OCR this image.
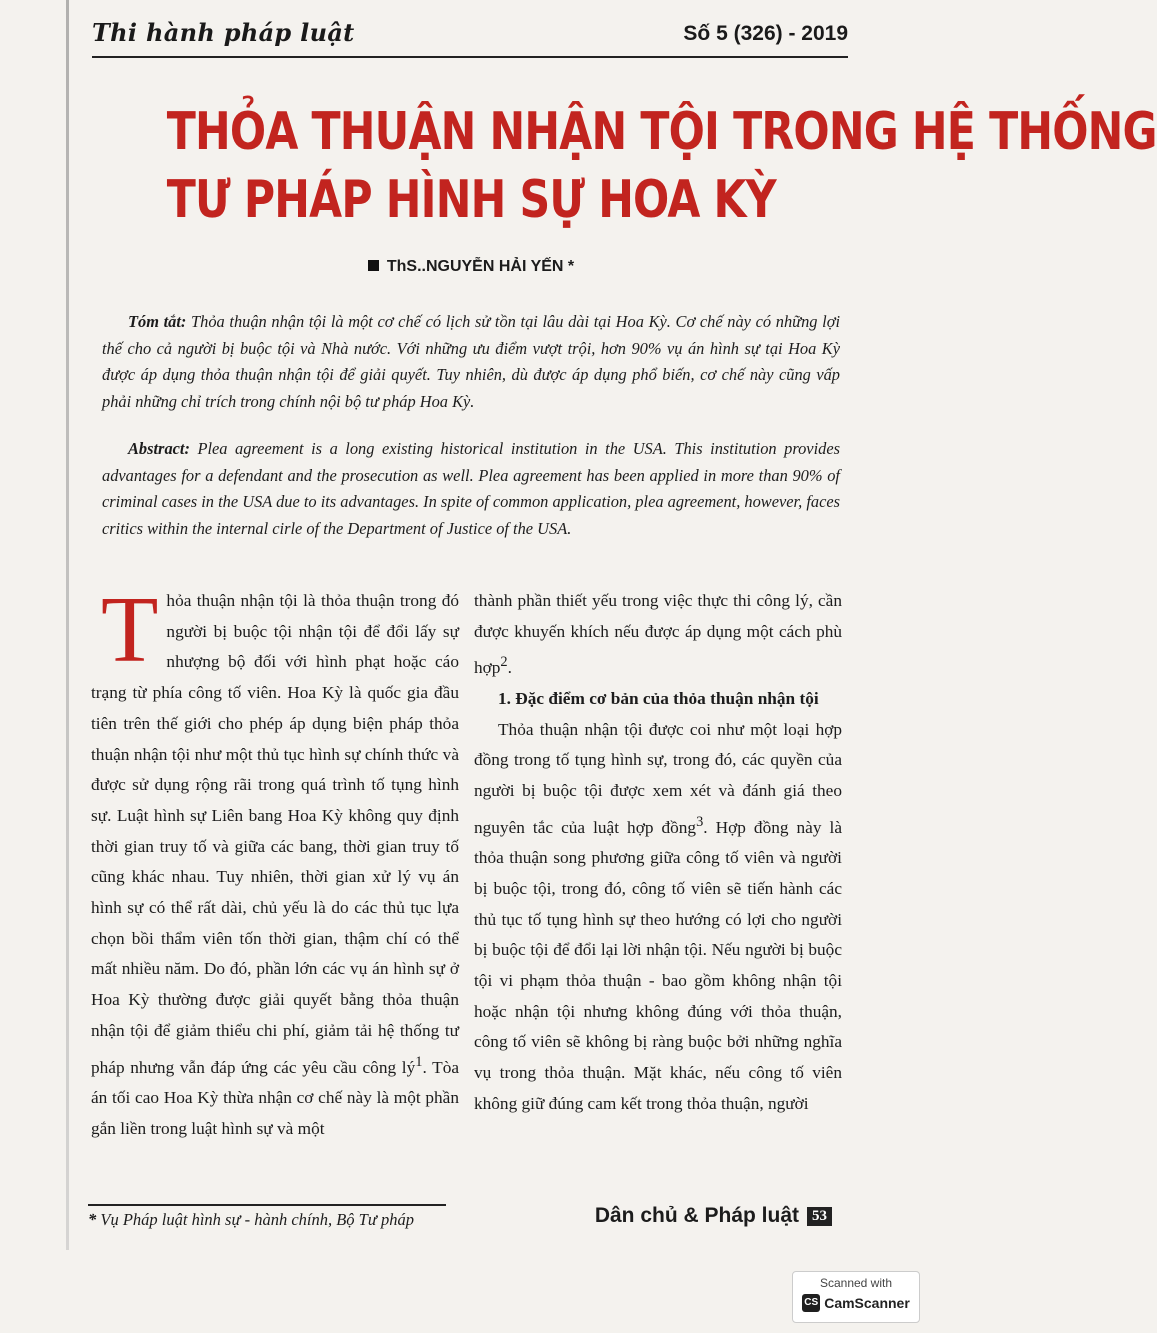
Thi hành pháp luật	Số 5 (326) - 2019
THỎA THUẬN NHẬN TỘI TRONG HỆ THỐNG
TƯ PHÁP HÌNH SỰ HOA KỲ
ThS..NGUYỄN HẢI YẾN *
Tóm tắt: Thỏa thuận nhận tội là một cơ chế có lịch sử tồn tại lâu dài tại Hoa Kỳ. Cơ chế này có những lợi thế cho cả người bị buộc tội và Nhà nước. Với những ưu điểm vượt trội, hơn 90% vụ án hình sự tại Hoa Kỳ được áp dụng thỏa thuận nhận tội để giải quyết. Tuy nhiên, dù được áp dụng phổ biến, cơ chế này cũng vấp phải những chỉ trích trong chính nội bộ tư pháp Hoa Kỳ.
Abstract: Plea agreement is a long existing historical institution in the USA. This institution provides advantages for a defendant and the prosecution as well. Plea agreement has been applied in more than 90% of criminal cases in the USA due to its advantages. In spite of common application, plea agreement, however, faces critics within the internal cirle of the Department of Justice of the USA.

Thỏa thuận nhận tội là thỏa thuận trong đó người bị buộc tội nhận tội để đổi lấy sự nhượng bộ đối với hình phạt hoặc cáo trạng từ phía công tố viên. Hoa Kỳ là quốc gia đầu tiên trên thế giới cho phép áp dụng biện pháp thỏa thuận nhận tội như một thủ tục hình sự chính thức và được sử dụng rộng rãi trong quá trình tố tụng hình sự. Luật hình sự Liên bang Hoa Kỳ không quy định thời gian truy tố và giữa các bang, thời gian truy tố cũng khác nhau. Tuy nhiên, thời gian xử lý vụ án hình sự có thể rất dài, chủ yếu là do các thủ tục lựa chọn bồi thẩm viên tốn thời gian, thậm chí có thể mất nhiều năm. Do đó, phần lớn các vụ án hình sự ở Hoa Kỳ thường được giải quyết bằng thỏa thuận nhận tội để giảm thiểu chi phí, giảm tải hệ thống tư pháp nhưng vẫn đáp ứng các yêu cầu công $lý^1$. Tòa án tối cao Hoa Kỳ thừa nhận cơ chế này là một phần gắn liền trong luật hình sự và một

thành phần thiết yếu trong việc thực thi công lý, cần được khuyến khích nếu được áp dụng một cách phù hợp$^2$.

1. Đặc điểm cơ bản của thỏa thuận nhận tội

Thỏa thuận nhận tội được coi như một loại hợp đồng trong tố tụng hình sự, trong đó, các quyền của người bị buộc tội được xem xét và đánh giá theo nguyên tắc của luật hợp đồng$^3$. Hợp đồng này là thỏa thuận song phương giữa công tố viên và người bị buộc tội, trong đó, công tố viên sẽ tiến hành các thủ tục tố tụng hình sự theo hướng có lợi cho người bị buộc tội để đổi lại lời nhận tội. Nếu người bị buộc tội vi phạm thỏa thuận - bao gồm không nhận tội hoặc nhận tội nhưng không đúng với thỏa thuận, công tố viên sẽ không bị ràng buộc bởi những nghĩa vụ trong thỏa thuận. Mặt khác, nếu công tố viên không giữ đúng cam kết trong thỏa thuận, người

* Vụ Pháp luật hình sự - hành chính, Bộ Tư pháp	Dân chủ & Pháp luật 53
Scanned with
CS CamScanner
